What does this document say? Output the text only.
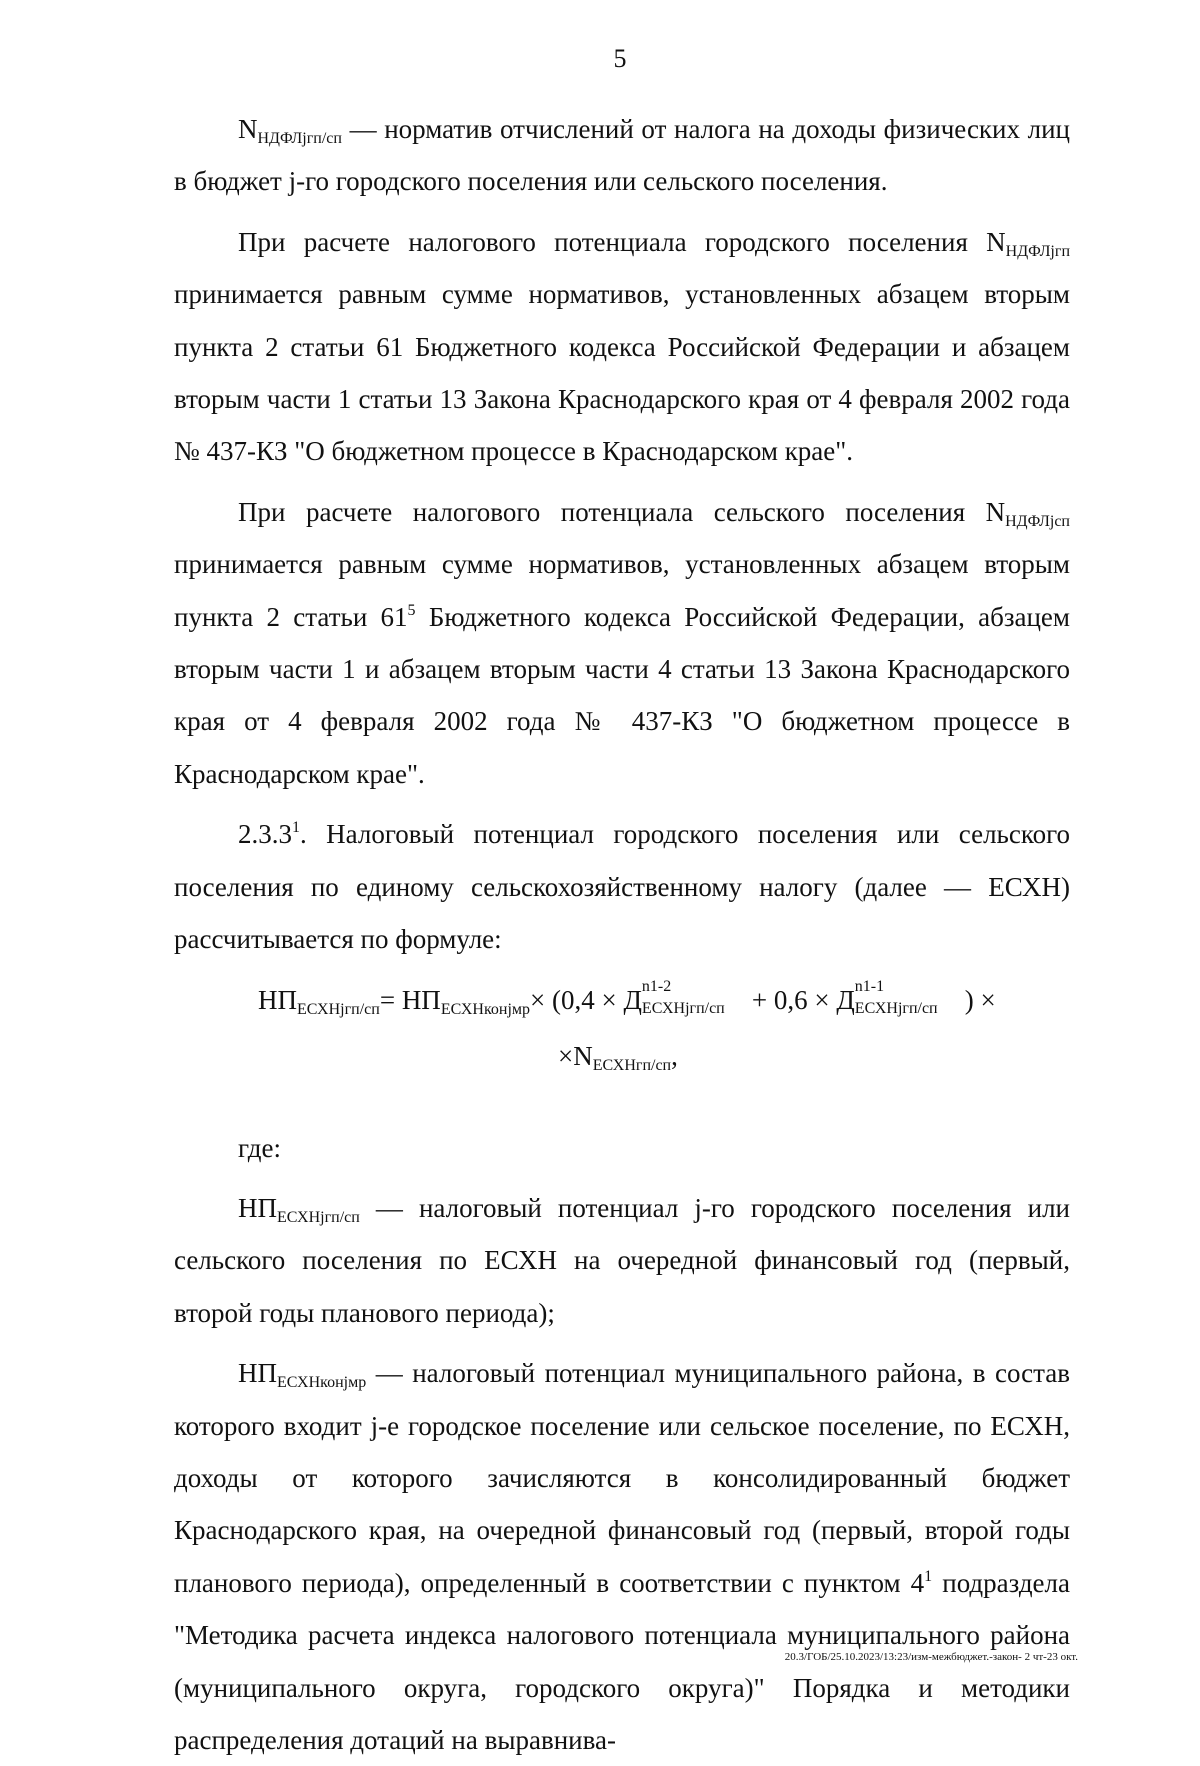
5

$N_{НДФЛjгп/сп}$ — норматив отчислений от налога на доходы физических лиц в бюджет j-го городского поселения или сельского поселения.

При расчете налогового потенциала городского поселения $N_{НДФЛjгп}$ принимается равным сумме нормативов, установленных абзацем вторым пункта 2 статьи 61 Бюджетного кодекса Российской Федерации и абзацем вторым части 1 статьи 13 Закона Краснодарского края от 4 февраля 2002 года № 437-КЗ "О бюджетном процессе в Краснодарском крае".

При расчете налогового потенциала сельского поселения $N_{НДФЛjсп}$ принимается равным сумме нормативов, установленных абзацем вторым пункта 2 статьи $61^5$ Бюджетного кодекса Российской Федерации, абзацем вторым части 1 и абзацем вторым части 4 статьи 13 Закона Краснодарского края от 4 февраля 2002 года № 437-КЗ "О бюджетном процессе в Краснодарском крае".

2.3.3$^1$. Налоговый потенциал городского поселения или сельского поселения по единому сельскохозяйственному налогу (далее — ЕСХН) рассчитывается по формуле:

$НП_{ЕСХНjгп/сп}= НП_{ЕСХНконjмр}\times (0,4 \times Д$ n1-2
ЕСХНjгп/сп + 0,6 × Д n1-1
ЕСХНjгп/сп ) ×
$\times N_{ЕСХНгп/сп}$,

где:

$НП_{ЕСХНjгп/сп}$ — налоговый потенциал j-го городского поселения или сельского поселения по ЕСХН на очередной финансовый год (первый, второй годы планового периода);

$НП_{ЕСХНконjмр}$ — налоговый потенциал муниципального района, в состав которого входит j-е городское поселение или сельское поселение, по ЕСХН, доходы от которого зачисляются в консолидированный бюджет Краснодарского края, на очередной финансовый год (первый, второй годы планового периода), определенный в соответствии с пунктом $4^1$ подраздела "Методика расчета индекса налогового потенциала муниципального района (муниципального округа, городского округа)" Порядка и методики распределения дотаций на выравнива-

20.3/ГОБ/25.10.2023/13:23/изм-межбюджет.-закон- 2 чт-23 окт.
